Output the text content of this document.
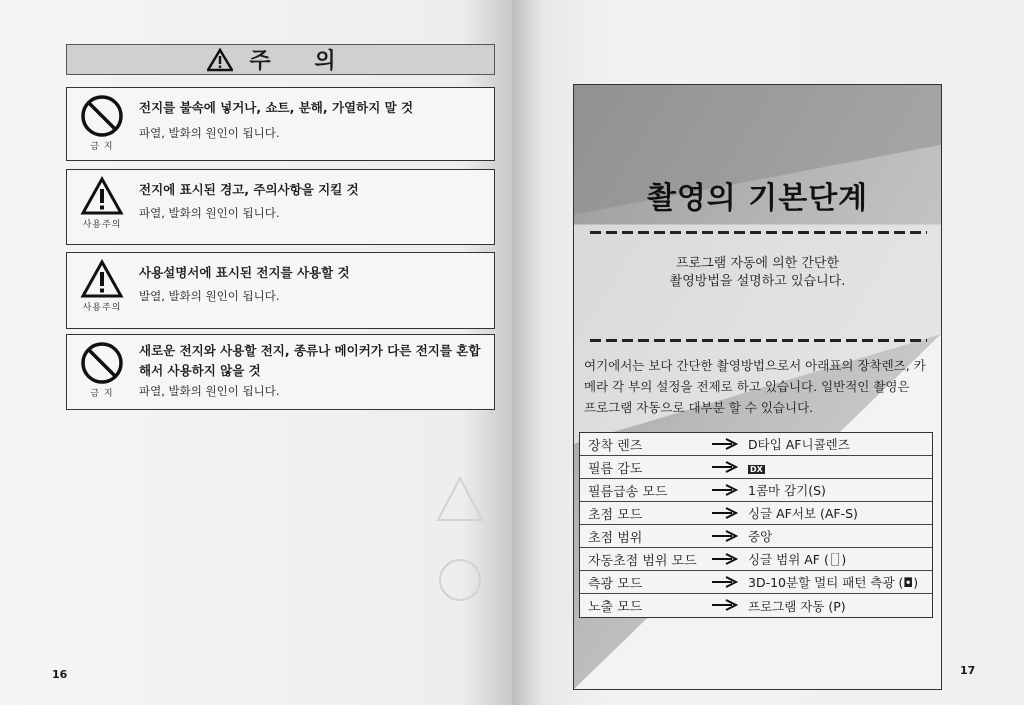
주 의
금 지
전지를 불속에 넣거나, 쇼트, 분해, 가열하지 말 것
파열, 발화의 원인이 됩니다.
사용주의
전지에 표시된 경고, 주의사항을 지킬 것
파열, 발화의 원인이 됩니다.
사용주의
사용설명서에 표시된 전지를 사용할 것
발열, 발화의 원인이 됩니다.
금 지
새로운 전지와 사용할 전지, 종류나 메이커가 다른 전지를 혼합해서 사용하지 않을 것
파열, 발화의 원인이 됩니다.
16	17
촬영의 기본단계
프로그램 자동에 의한 간단한
촬영방법을 설명하고 있습니다.
여기에서는 보다 간단한 촬영방법으로서 아래표의 장착렌즈, 카
메라 각 부의 설정을 전제로 하고 있습니다. 일반적인 촬영은
프로그램 자동으로 대부분 할 수 있습니다.
장착 렌즈	D타입 AF니콜렌즈
필름 감도	DX
필름급송 모드	1콤마 감기(S)
초점 모드	싱글 AF서보 (AF-S)
초점 범위	중앙
자동초점 범위 모드	싱글 범위 AF (［］)
측광 모드	3D-10분할 멀티 패턴 측광 (◘)
노출 모드	프로그램 자동 (P)
